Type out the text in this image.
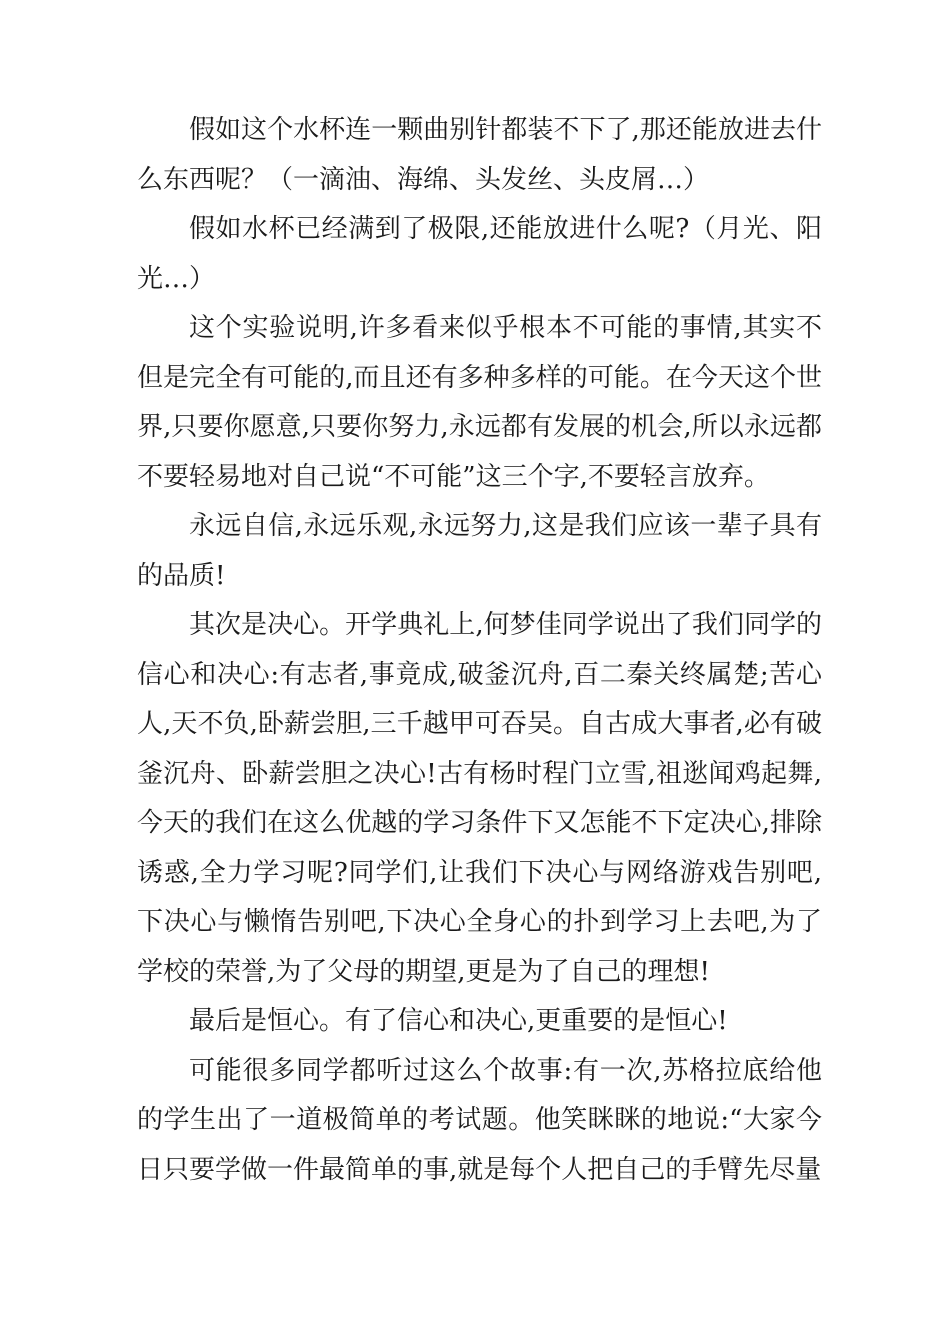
假如这个水杯连一颗曲别针都装不下了,那还能放进去什么东西呢？（一滴油、海绵、头发丝、头皮屑…）

假如水杯已经满到了极限,还能放进什么呢?（月光、阳光…）

这个实验说明,许多看来似乎根本不可能的事情,其实不但是完全有可能的,而且还有多种多样的可能。在今天这个世界,只要你愿意,只要你努力,永远都有发展的机会,所以永远都不要轻易地对自己说“不可能”这三个字,不要轻言放弃。

永远自信,永远乐观,永远努力,这是我们应该一辈子具有的品质!

其次是决心。开学典礼上,何梦佳同学说出了我们同学的信心和决心:有志者,事竟成,破釜沉舟,百二秦关终属楚;苦心人,天不负,卧薪尝胆,三千越甲可吞吴。自古成大事者,必有破釜沉舟、卧薪尝胆之决心!古有杨时程门立雪,祖逖闻鸡起舞,今天的我们在这么优越的学习条件下又怎能不下定决心,排除诱惑,全力学习呢?同学们,让我们下决心与网络游戏告别吧,下决心与懒惰告别吧,下决心全身心的扑到学习上去吧,为了学校的荣誉,为了父母的期望,更是为了自己的理想!

最后是恒心。有了信心和决心,更重要的是恒心!

可能很多同学都听过这么个故事:有一次,苏格拉底给他的学生出了一道极简单的考试题。他笑眯眯的地说:“大家今日只要学做一件最简单的事,就是每个人把自己的手臂先尽量
